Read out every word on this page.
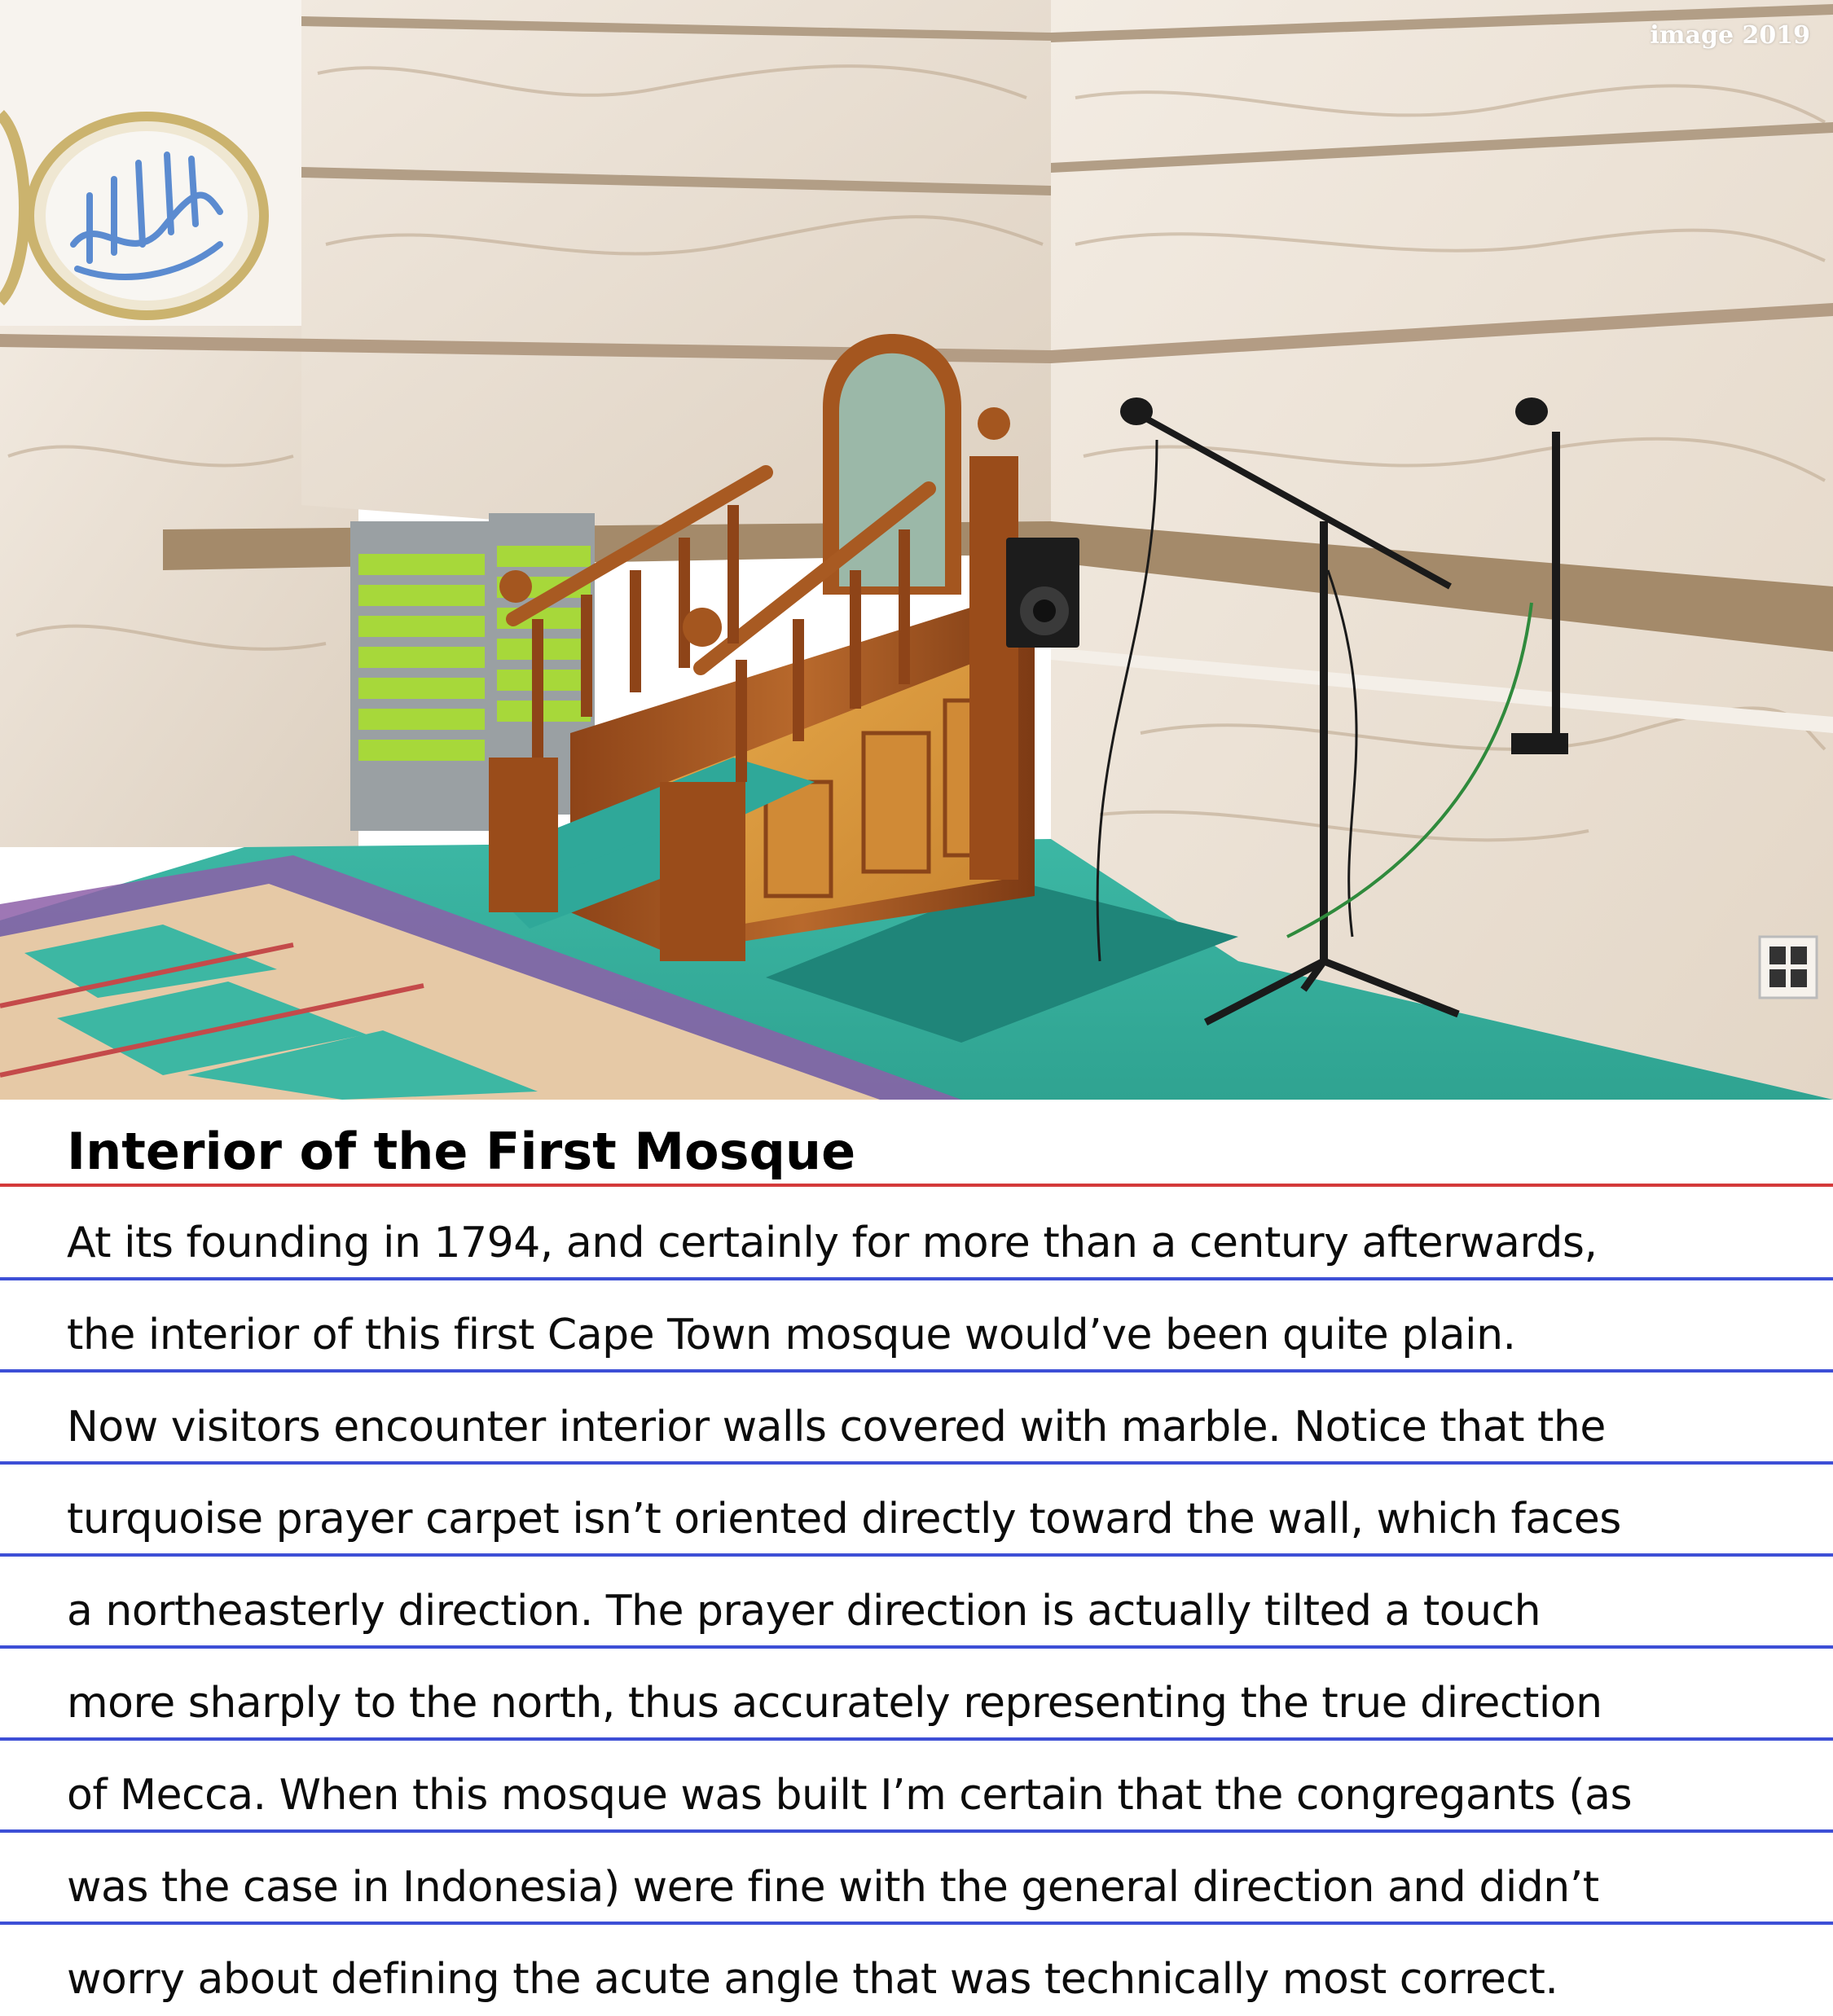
image 2019
Interior of the First Mosque
At its founding in 1794, and certainly for more than a century afterwards,
the interior of this first Cape Town mosque would’ve been quite plain.
Now visitors encounter interior walls covered with marble. Notice that the
turquoise prayer carpet isn’t oriented directly toward the wall, which faces
a northeasterly direction. The prayer direction is actually tilted a touch
more sharply to the north, thus accurately representing the true direction
of Mecca. When this mosque was built I’m certain that the congregants (as
was the case in Indonesia) were fine with the general direction and didn’t
worry about defining the acute angle that was technically most correct.
